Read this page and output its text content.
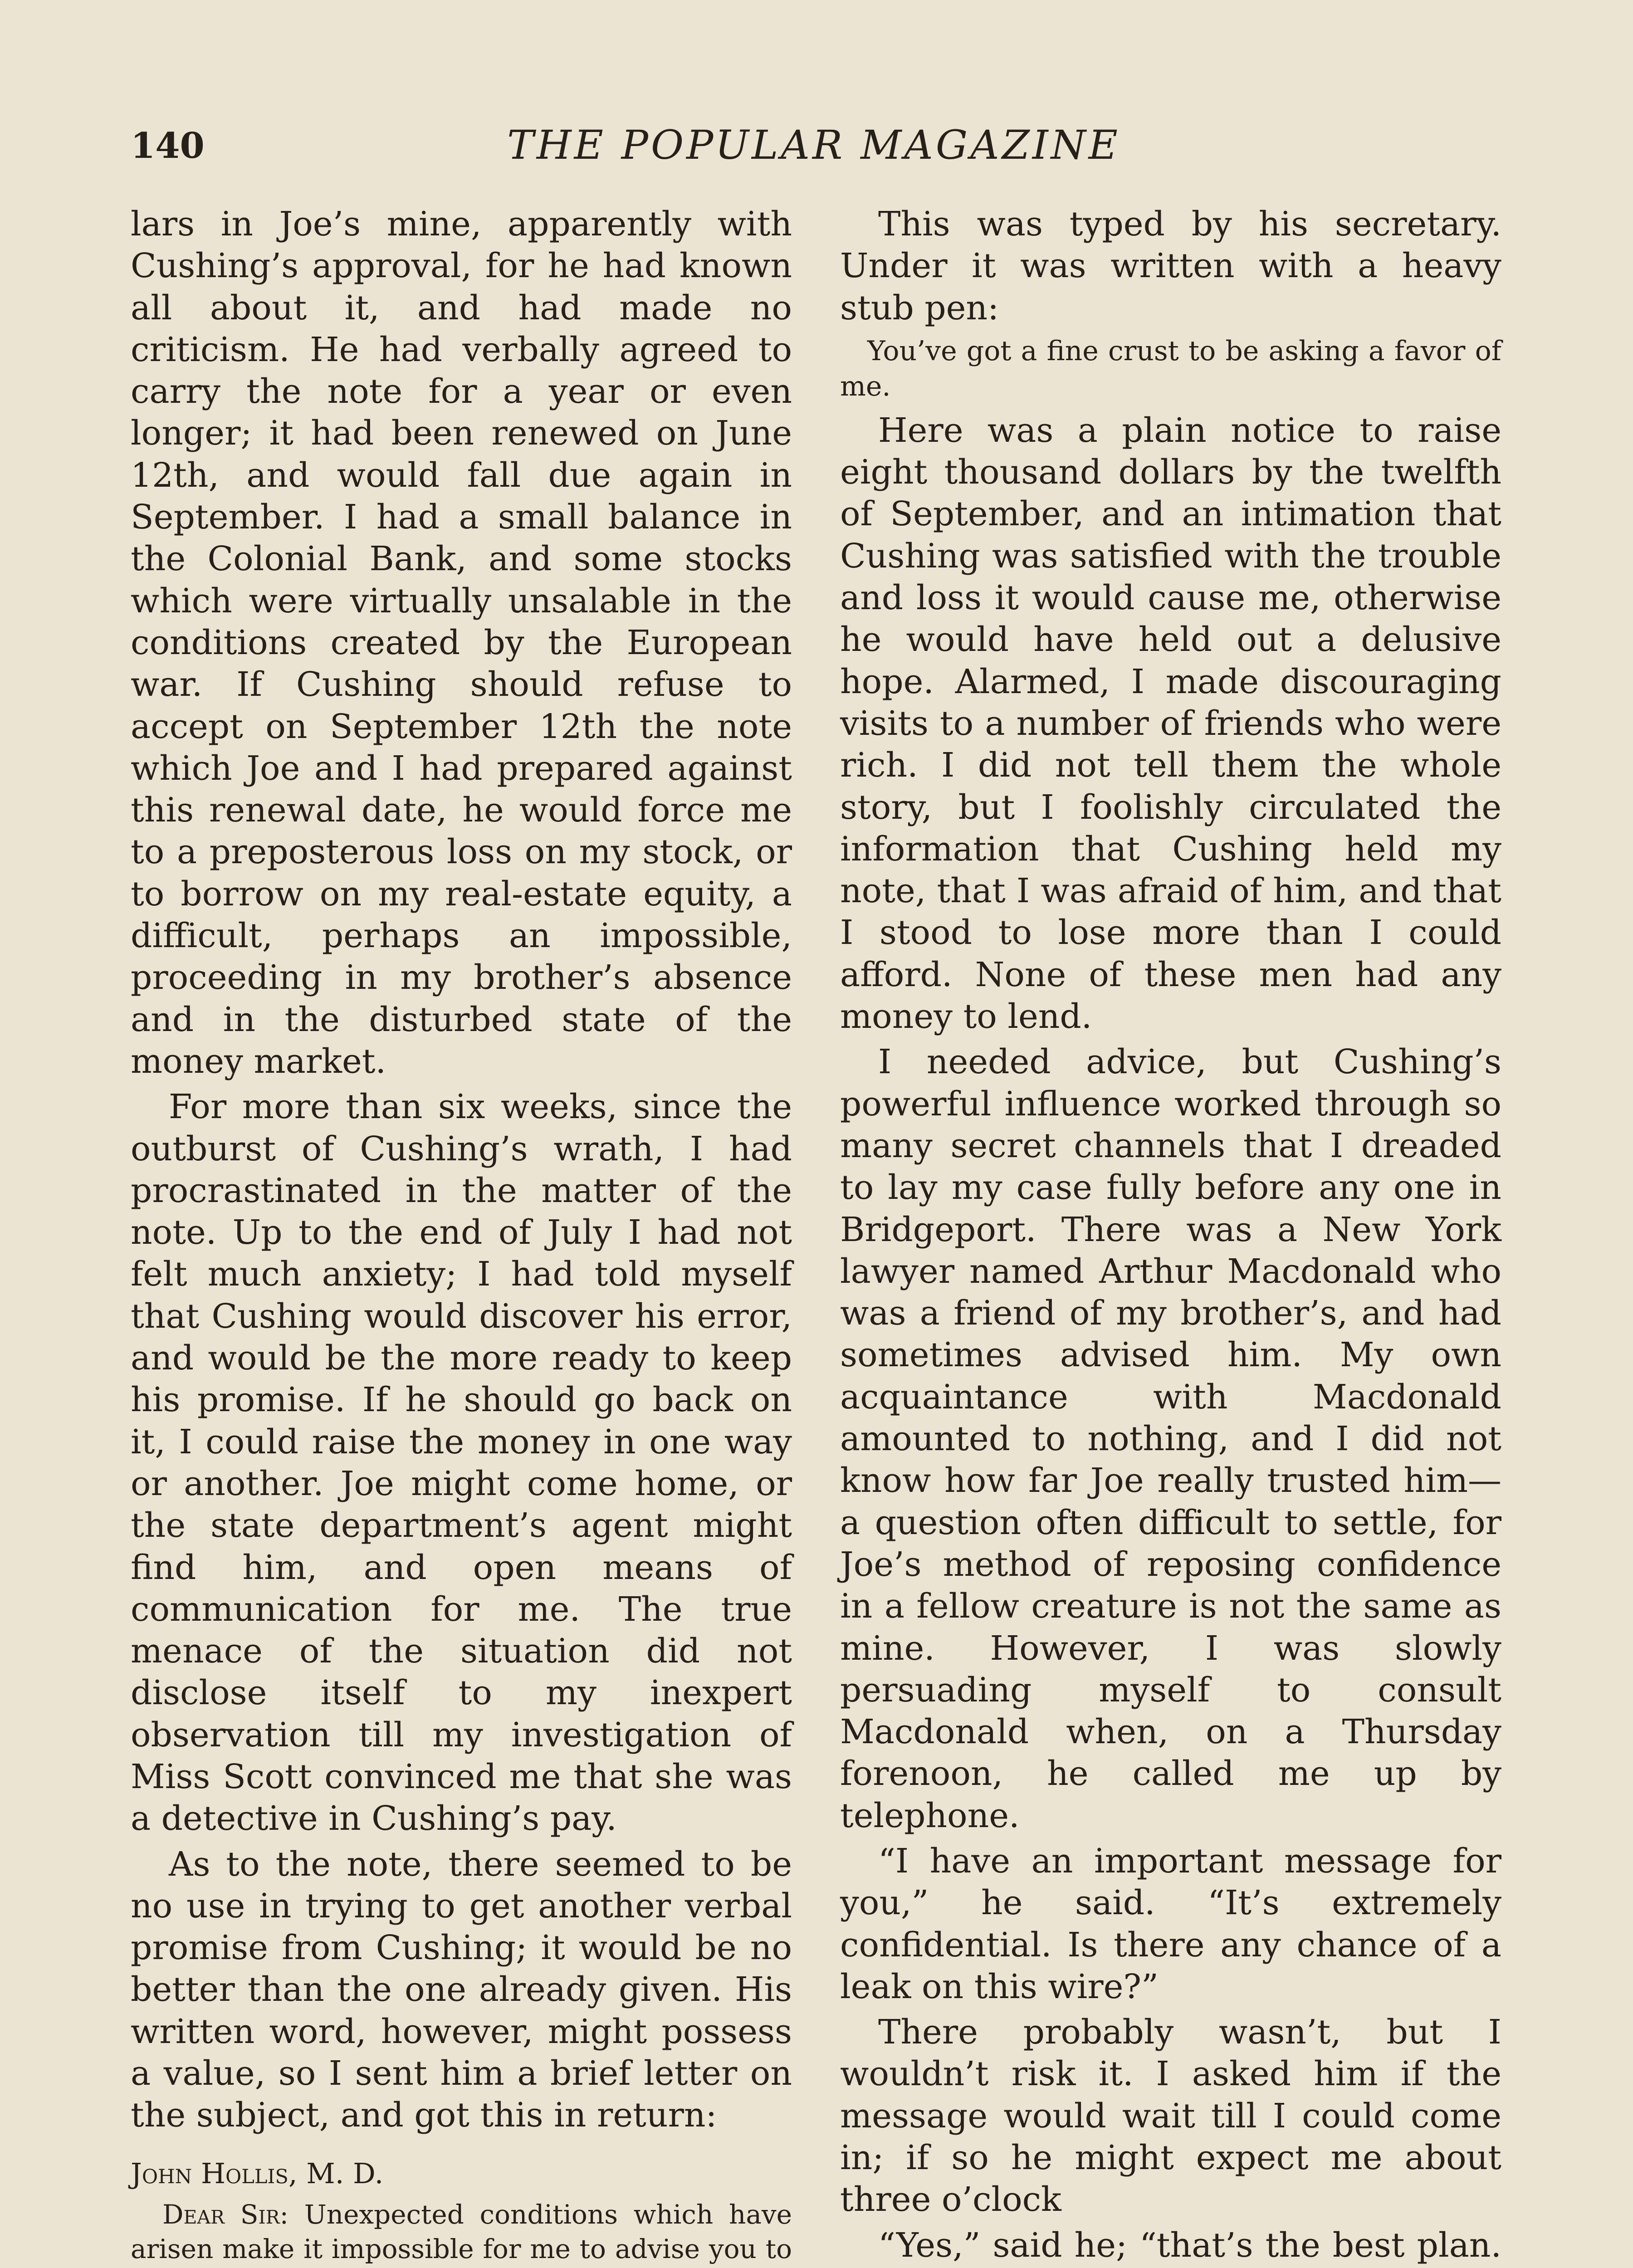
140	THE POPULAR MAGAZINE

lars in Joe’s mine, apparently with Cushing’s approval, for he had known all about it, and had made no criticism. He had verbally agreed to carry the note for a year or even longer; it had been renewed on June 12th, and would fall due again in September. I had a small balance in the Colonial Bank, and some stocks which were virtually unsalable in the conditions created by the European war. If Cushing should refuse to accept on September 12th the note which Joe and I had prepared against this renewal date, he would force me to a preposterous loss on my stock, or to borrow on my real-estate equity, a difficult, perhaps an impossible, proceeding in my brother’s absence and in the disturbed state of the money market.

For more than six weeks, since the outburst of Cushing’s wrath, I had procrastinated in the matter of the note. Up to the end of July I had not felt much anxiety; I had told myself that Cushing would discover his error, and would be the more ready to keep his promise. If he should go back on it, I could raise the money in one way or another. Joe might come home, or the state department’s agent might find him, and open means of communication for me. The true menace of the situation did not disclose itself to my inexpert observation till my investigation of Miss Scott convinced me that she was a detective in Cushing’s pay.

As to the note, there seemed to be no use in trying to get another verbal promise from Cushing; it would be no better than the one already given. His written word, however, might possess a value, so I sent him a brief letter on the subject, and got this in return:

John Hollis, M. D.

Dear Sir: Unexpected conditions which have arisen make it impossible for me to advise you to

This was typed by his secretary. Under it was written with a heavy stub pen:

You’ve got a fine crust to be asking a favor of me.

Here was a plain notice to raise eight thousand dollars by the twelfth of September, and an intimation that Cushing was satisfied with the trouble and loss it would cause me, otherwise he would have held out a delusive hope. Alarmed, I made discouraging visits to a number of friends who were rich. I did not tell them the whole story, but I foolishly circulated the information that Cushing held my note, that I was afraid of him, and that I stood to lose more than I could afford. None of these men had any money to lend.

I needed advice, but Cushing’s powerful influence worked through so many secret channels that I dreaded to lay my case fully before any one in Bridgeport. There was a New York lawyer named Arthur Macdonald who was a friend of my brother’s, and had sometimes advised him. My own acquaintance with Macdonald amounted to nothing, and I did not know how far Joe really trusted him—a question often difficult to settle, for Joe’s method of reposing confidence in a fellow creature is not the same as mine. However, I was slowly persuading myself to consult Macdonald when, on a Thursday forenoon, he called me up by telephone.

“I have an important message for you,” he said. “It’s extremely confidential. Is there any chance of a leak on this wire?”

There probably wasn’t, but I wouldn’t risk it. I asked him if the message would wait till I could come in; if so he might expect me about three o’clock

“Yes,” said he; “that’s the best plan.
